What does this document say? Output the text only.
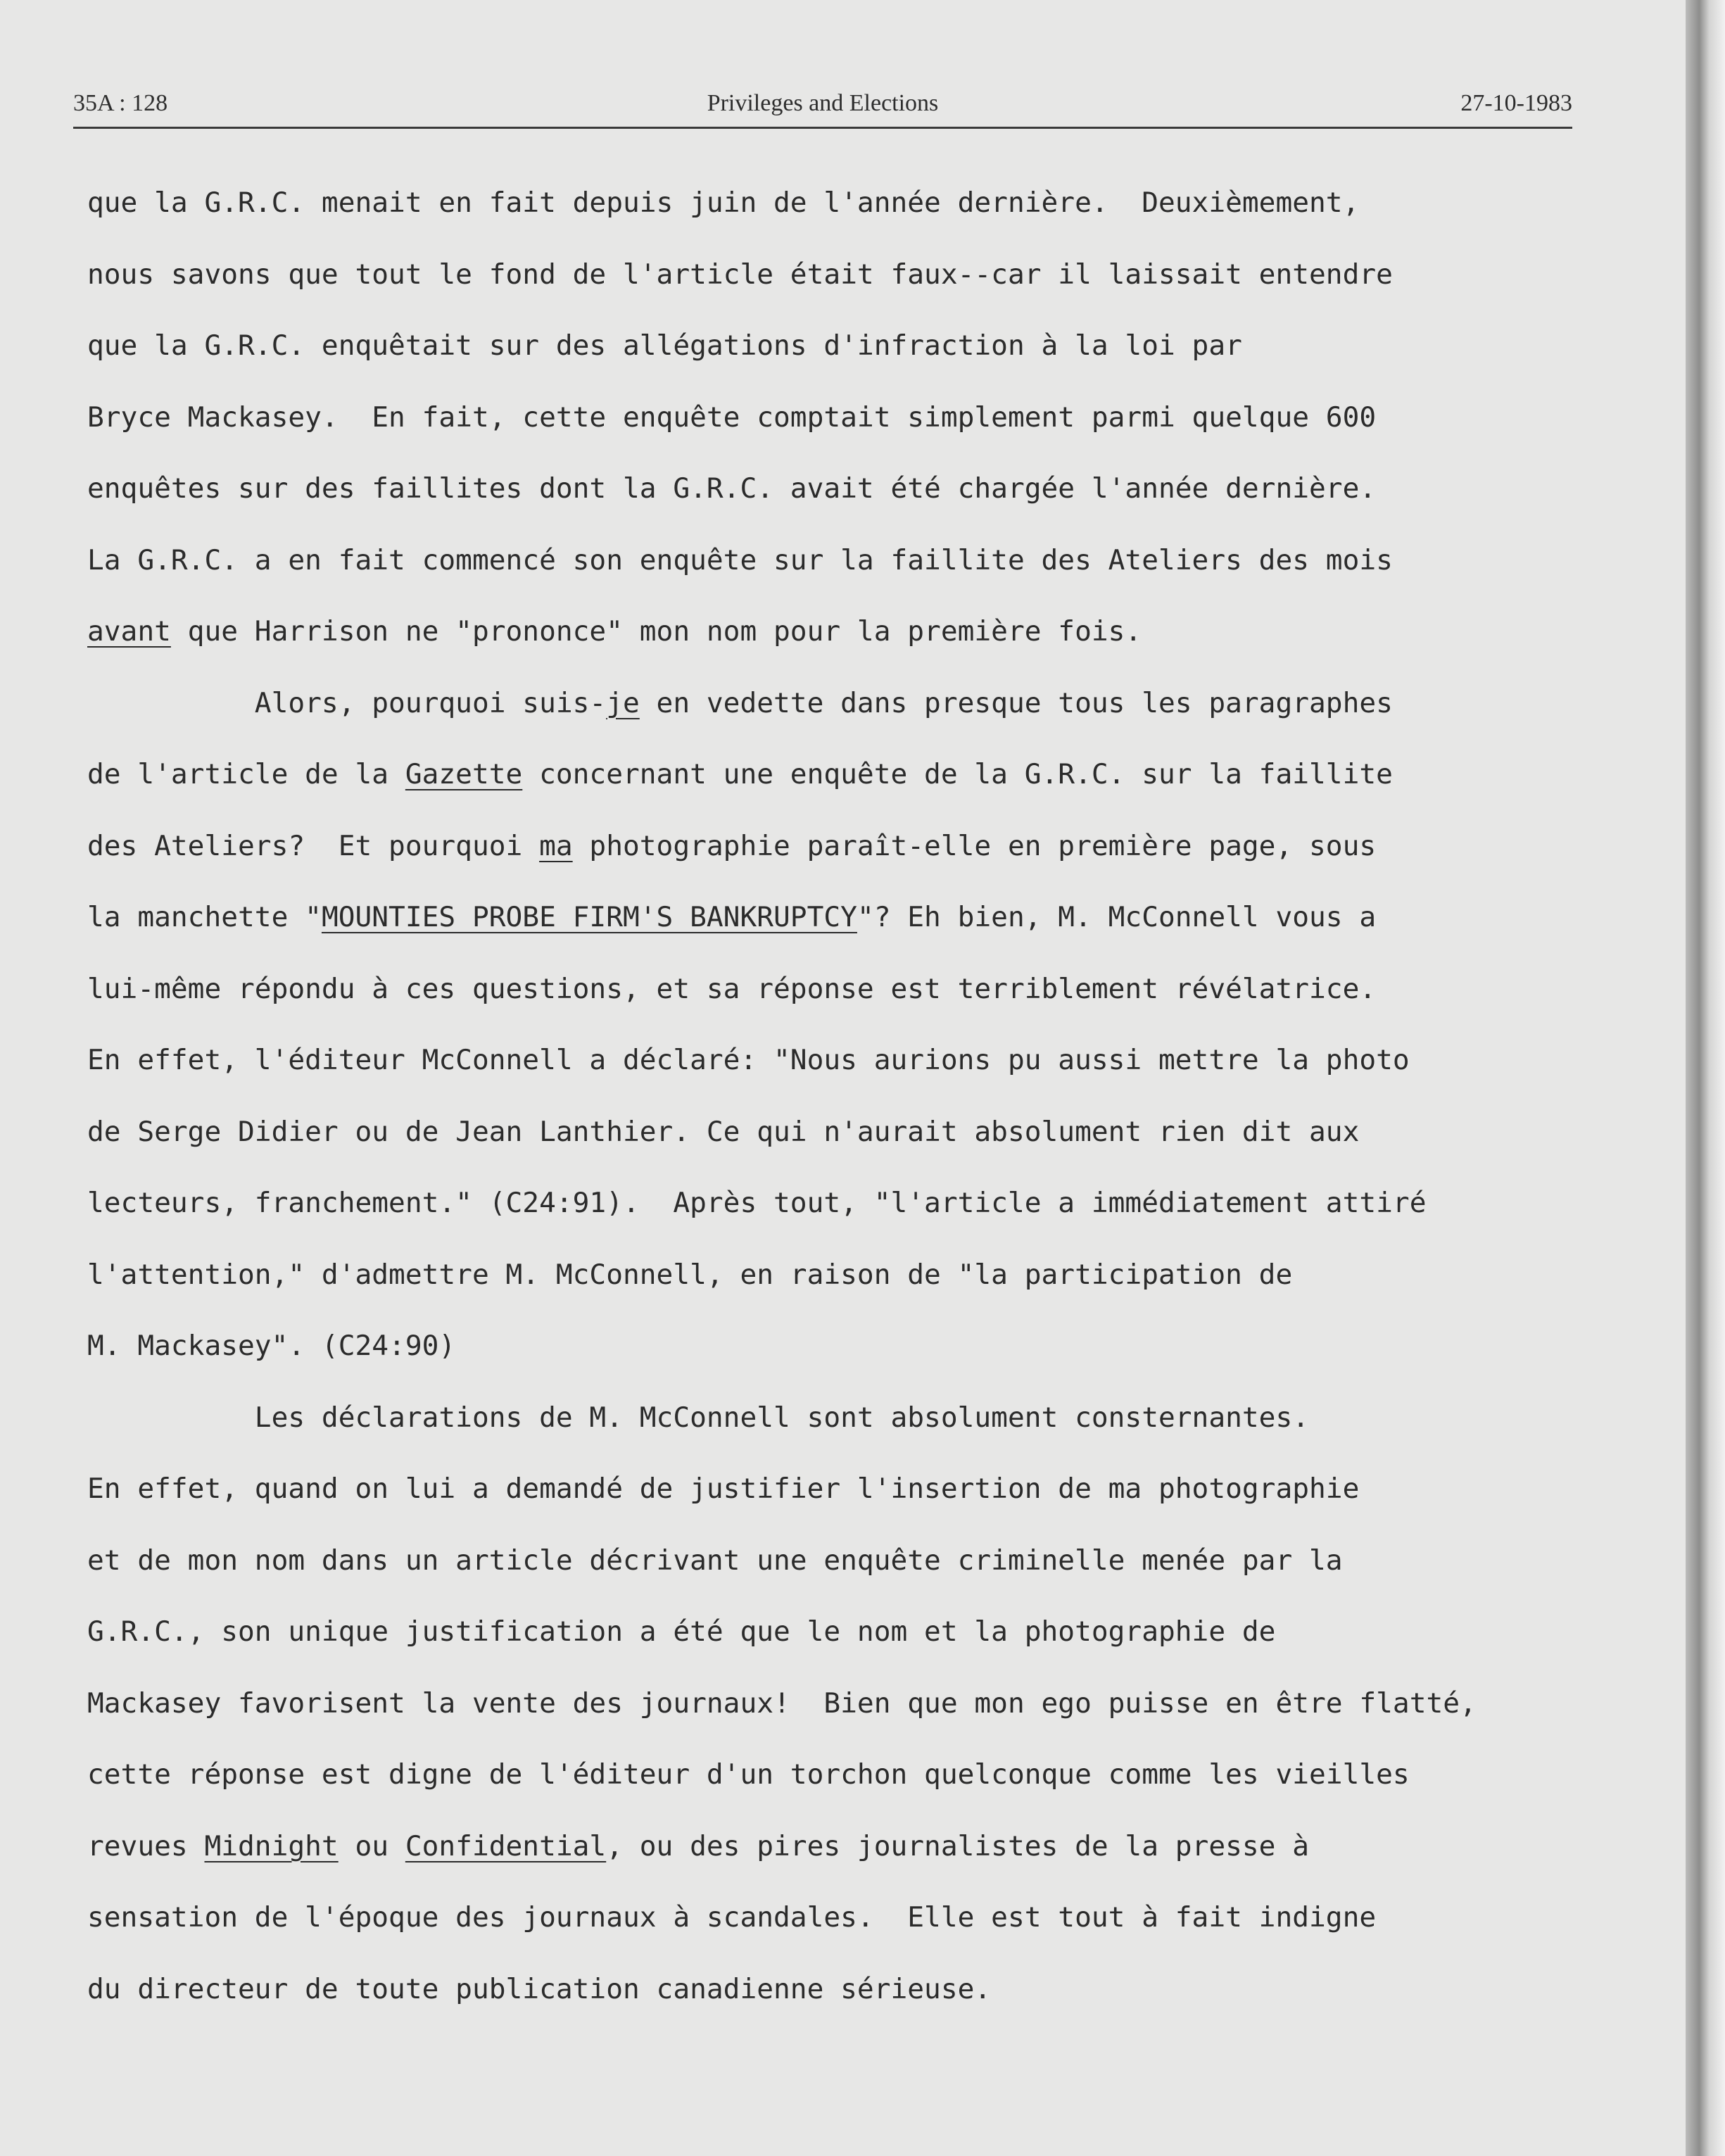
35A : 128	Privileges and Elections	27-10-1983
que la G.R.C. menait en fait depuis juin de l'année dernière.  Deuxièmement,
nous savons que tout le fond de l'article était faux--car il laissait entendre
que la G.R.C. enquêtait sur des allégations d'infraction à la loi par
Bryce Mackasey.  En fait, cette enquête comptait simplement parmi quelque 600
enquêtes sur des faillites dont la G.R.C. avait été chargée l'année dernière.
La G.R.C. a en fait commencé son enquête sur la faillite des Ateliers des mois
avant que Harrison ne "prononce" mon nom pour la première fois.
Alors, pourquoi suis-je en vedette dans presque tous les paragraphes
de l'article de la Gazette concernant une enquête de la G.R.C. sur la faillite
des Ateliers?  Et pourquoi ma photographie paraît-elle en première page, sous
la manchette "MOUNTIES PROBE FIRM'S BANKRUPTCY"? Eh bien, M. McConnell vous a
lui-même répondu à ces questions, et sa réponse est terriblement révélatrice.
En effet, l'éditeur McConnell a déclaré: "Nous aurions pu aussi mettre la photo
de Serge Didier ou de Jean Lanthier. Ce qui n'aurait absolument rien dit aux
lecteurs, franchement." (C24:91).  Après tout, "l'article a immédiatement attiré
l'attention," d'admettre M. McConnell, en raison de "la participation de
M. Mackasey". (C24:90)
Les déclarations de M. McConnell sont absolument consternantes.
En effet, quand on lui a demandé de justifier l'insertion de ma photographie
et de mon nom dans un article décrivant une enquête criminelle menée par la
G.R.C., son unique justification a été que le nom et la photographie de
Mackasey favorisent la vente des journaux!  Bien que mon ego puisse en être flatté,
cette réponse est digne de l'éditeur d'un torchon quelconque comme les vieilles
revues Midnight ou Confidential, ou des pires journalistes de la presse à
sensation de l'époque des journaux à scandales.  Elle est tout à fait indigne
du directeur de toute publication canadienne sérieuse.
